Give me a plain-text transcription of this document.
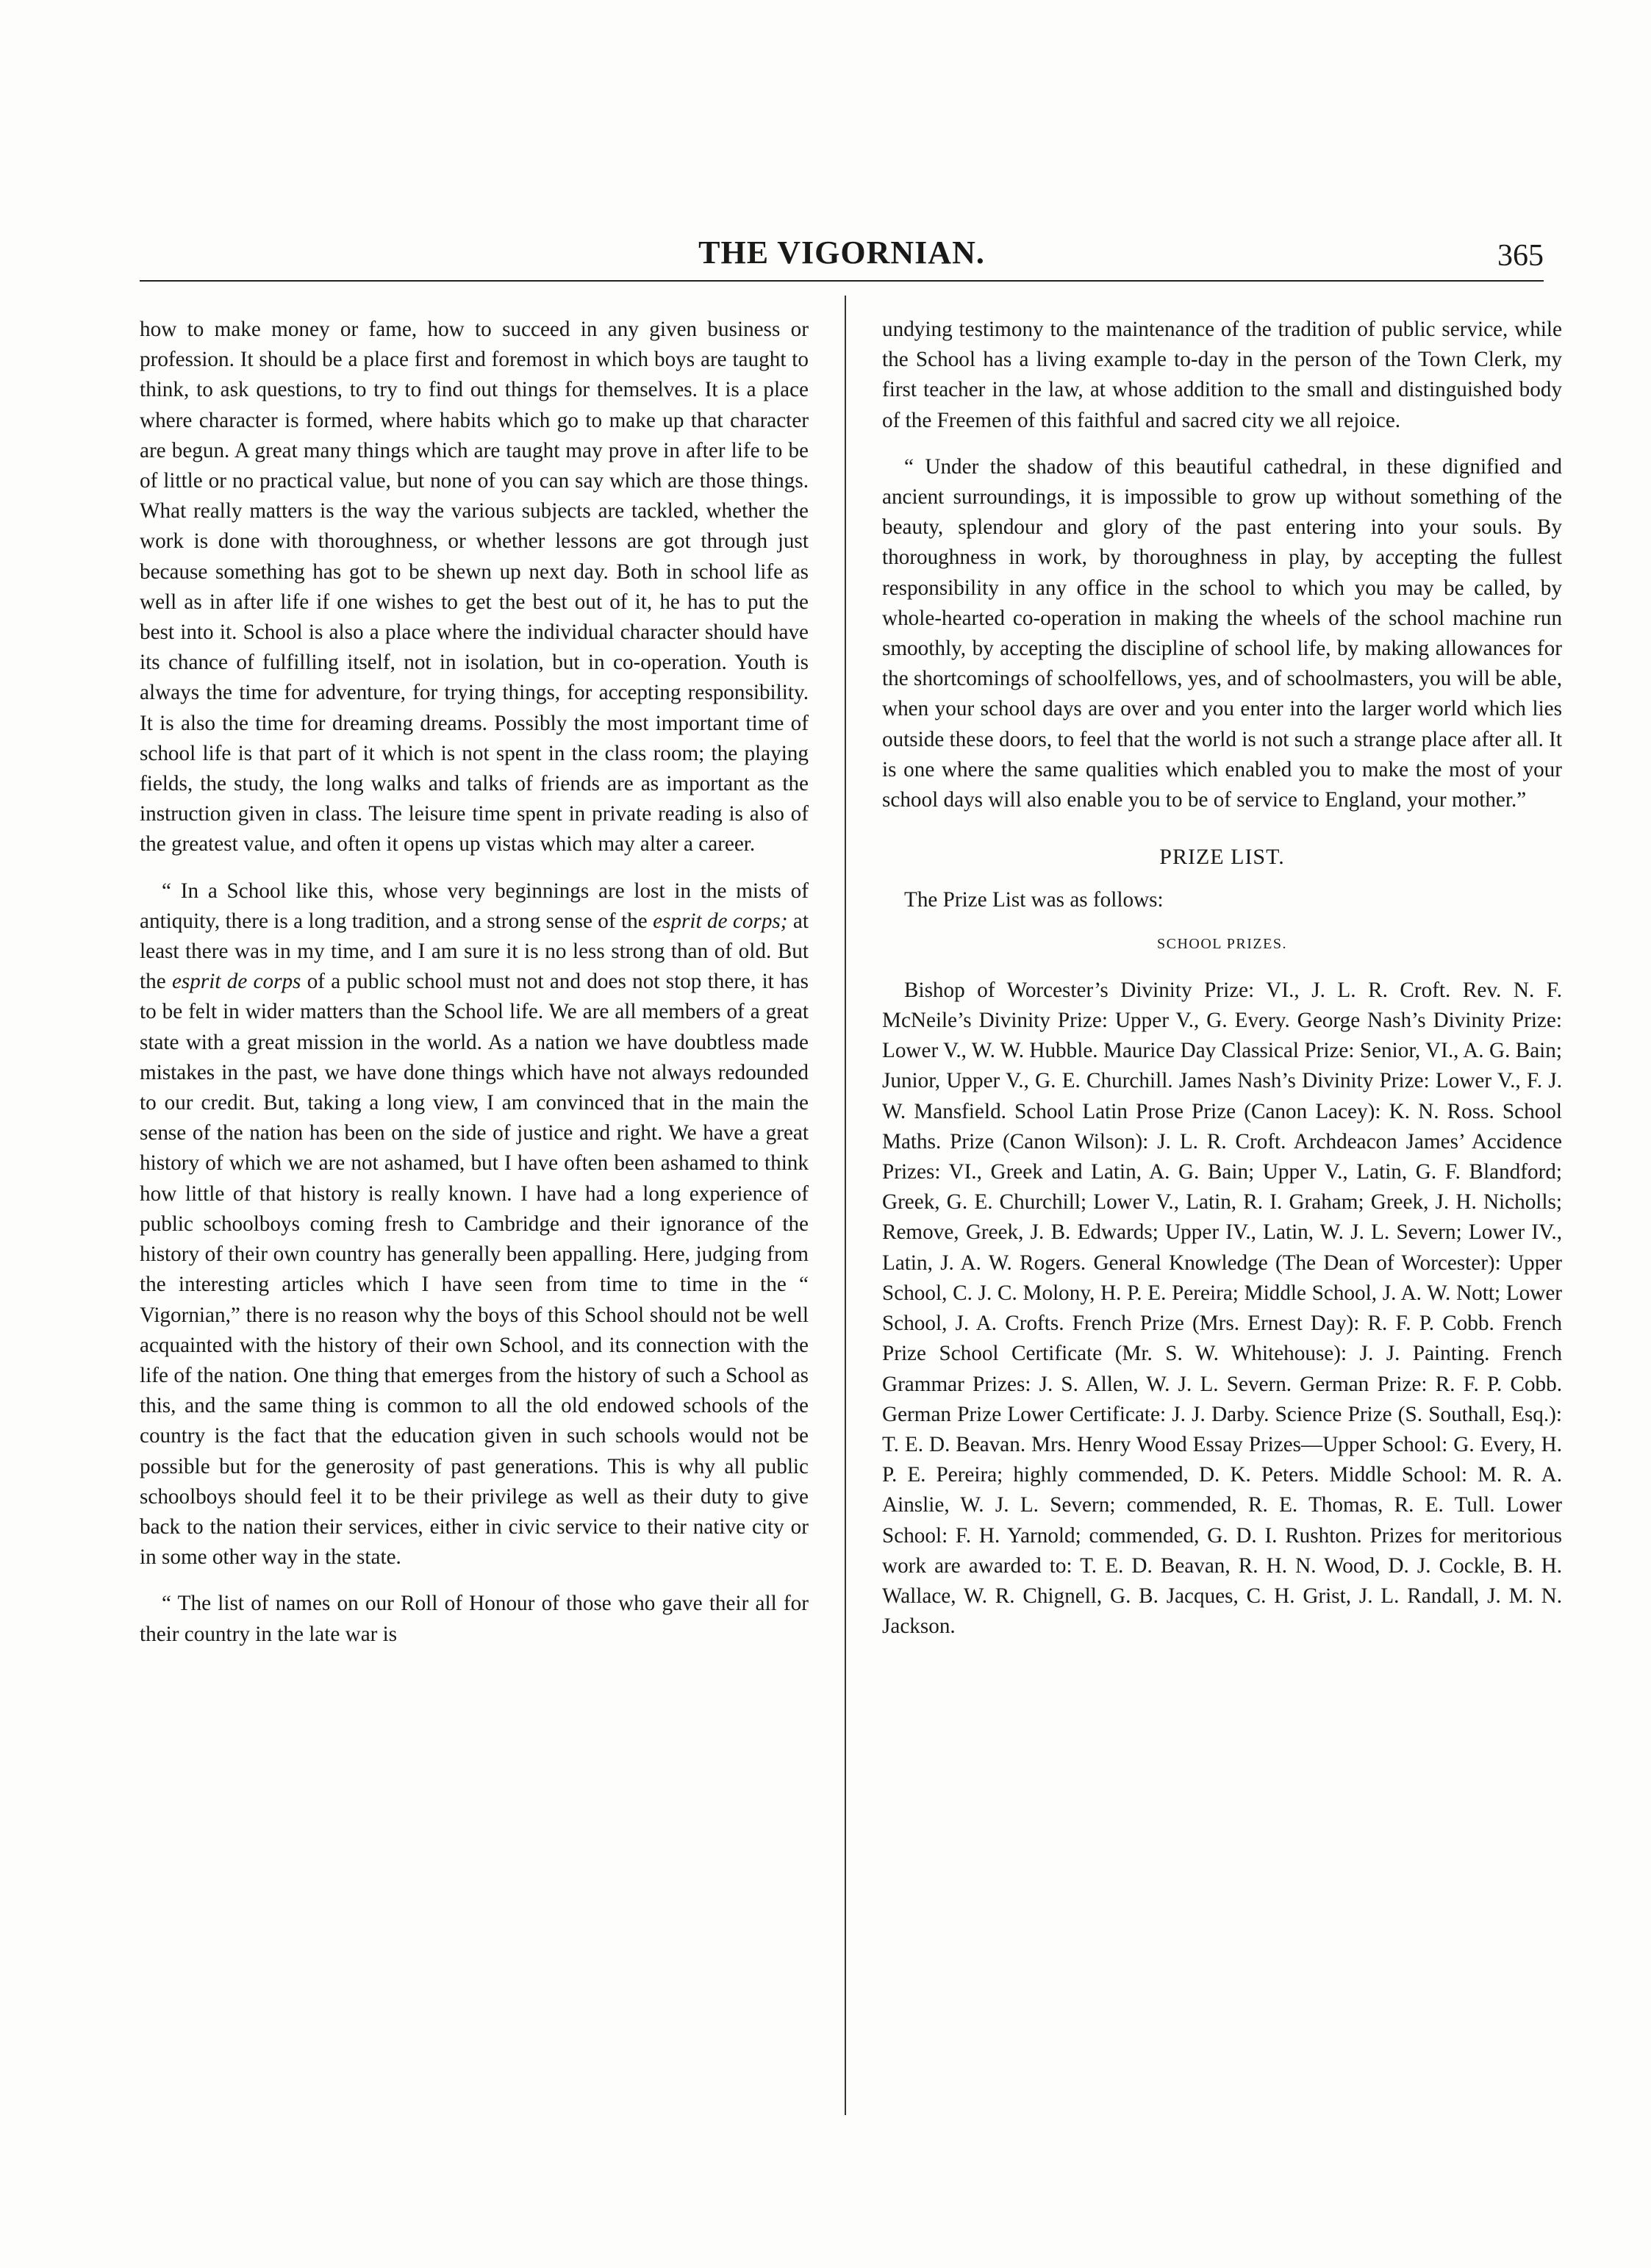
THE VIGORNIAN.	365

how to make money or fame, how to succeed in any given business or profession. It should be a place first and foremost in which boys are taught to think, to ask questions, to try to find out things for themselves. It is a place where character is formed, where habits which go to make up that character are begun. A great many things which are taught may prove in after life to be of little or no practical value, but none of you can say which are those things. What really matters is the way the various subjects are tackled, whether the work is done with thoroughness, or whether lessons are got through just because something has got to be shewn up next day. Both in school life as well as in after life if one wishes to get the best out of it, he has to put the best into it. School is also a place where the individual character should have its chance of fulfilling itself, not in isolation, but in co-operation. Youth is always the time for adventure, for trying things, for accepting responsibility. It is also the time for dreaming dreams. Possibly the most important time of school life is that part of it which is not spent in the class room; the playing fields, the study, the long walks and talks of friends are as important as the instruction given in class. The leisure time spent in private reading is also of the greatest value, and often it opens up vistas which may alter a career.

“ In a School like this, whose very beginnings are lost in the mists of antiquity, there is a long tradition, and a strong sense of the esprit de corps; at least there was in my time, and I am sure it is no less strong than of old. But the esprit de corps of a public school must not and does not stop there, it has to be felt in wider matters than the School life. We are all members of a great state with a great mission in the world. As a nation we have doubtless made mistakes in the past, we have done things which have not always redounded to our credit. But, taking a long view, I am convinced that in the main the sense of the nation has been on the side of justice and right. We have a great history of which we are not ashamed, but I have often been ashamed to think how little of that history is really known. I have had a long experience of public schoolboys coming fresh to Cambridge and their ignorance of the history of their own country has generally been appalling. Here, judging from the interesting articles which I have seen from time to time in the “ Vigornian,” there is no reason why the boys of this School should not be well acquainted with the history of their own School, and its connection with the life of the nation. One thing that emerges from the history of such a School as this, and the same thing is common to all the old endowed schools of the country is the fact that the education given in such schools would not be possible but for the generosity of past generations. This is why all public schoolboys should feel it to be their privilege as well as their duty to give back to the nation their services, either in civic service to their native city or in some other way in the state.

“ The list of names on our Roll of Honour of those who gave their all for their country in the late war is

undying testimony to the maintenance of the tradition of public service, while the School has a living example to-day in the person of the Town Clerk, my first teacher in the law, at whose addition to the small and distinguished body of the Freemen of this faithful and sacred city we all rejoice.

“ Under the shadow of this beautiful cathedral, in these dignified and ancient surroundings, it is impossible to grow up without something of the beauty, splendour and glory of the past entering into your souls. By thoroughness in work, by thoroughness in play, by accepting the fullest responsibility in any office in the school to which you may be called, by whole-hearted co-operation in making the wheels of the school machine run smoothly, by accepting the discipline of school life, by making allowances for the shortcomings of schoolfellows, yes, and of schoolmasters, you will be able, when your school days are over and you enter into the larger world which lies outside these doors, to feel that the world is not such a strange place after all. It is one where the same qualities which enabled you to make the most of your school days will also enable you to be of service to England, your mother.”

PRIZE LIST.

The Prize List was as follows:

SCHOOL PRIZES.

Bishop of Worcester’s Divinity Prize: VI., J. L. R. Croft. Rev. N. F. McNeile’s Divinity Prize: Upper V., G. Every. George Nash’s Divinity Prize: Lower V., W. W. Hubble. Maurice Day Classical Prize: Senior, VI., A. G. Bain; Junior, Upper V., G. E. Churchill. James Nash’s Divinity Prize: Lower V., F. J. W. Mansfield. School Latin Prose Prize (Canon Lacey): K. N. Ross. School Maths. Prize (Canon Wilson): J. L. R. Croft. Archdeacon James’ Accidence Prizes: VI., Greek and Latin, A. G. Bain; Upper V., Latin, G. F. Blandford; Greek, G. E. Churchill; Lower V., Latin, R. I. Graham; Greek, J. H. Nicholls; Remove, Greek, J. B. Edwards; Upper IV., Latin, W. J. L. Severn; Lower IV., Latin, J. A. W. Rogers. General Knowledge (The Dean of Worcester): Upper School, C. J. C. Molony, H. P. E. Pereira; Middle School, J. A. W. Nott; Lower School, J. A. Crofts. French Prize (Mrs. Ernest Day): R. F. P. Cobb. French Prize School Certificate (Mr. S. W. Whitehouse): J. J. Painting. French Grammar Prizes: J. S. Allen, W. J. L. Severn. German Prize: R. F. P. Cobb. German Prize Lower Certificate: J. J. Darby. Science Prize (S. Southall, Esq.): T. E. D. Beavan. Mrs. Henry Wood Essay Prizes—Upper School: G. Every, H. P. E. Pereira; highly commended, D. K. Peters. Middle School: M. R. A. Ainslie, W. J. L. Severn; commended, R. E. Thomas, R. E. Tull. Lower School: F. H. Yarnold; commended, G. D. I. Rushton. Prizes for meritorious work are awarded to: T. E. D. Beavan, R. H. N. Wood, D. J. Cockle, B. H. Wallace, W. R. Chignell, G. B. Jacques, C. H. Grist, J. L. Randall, J. M. N. Jackson.
